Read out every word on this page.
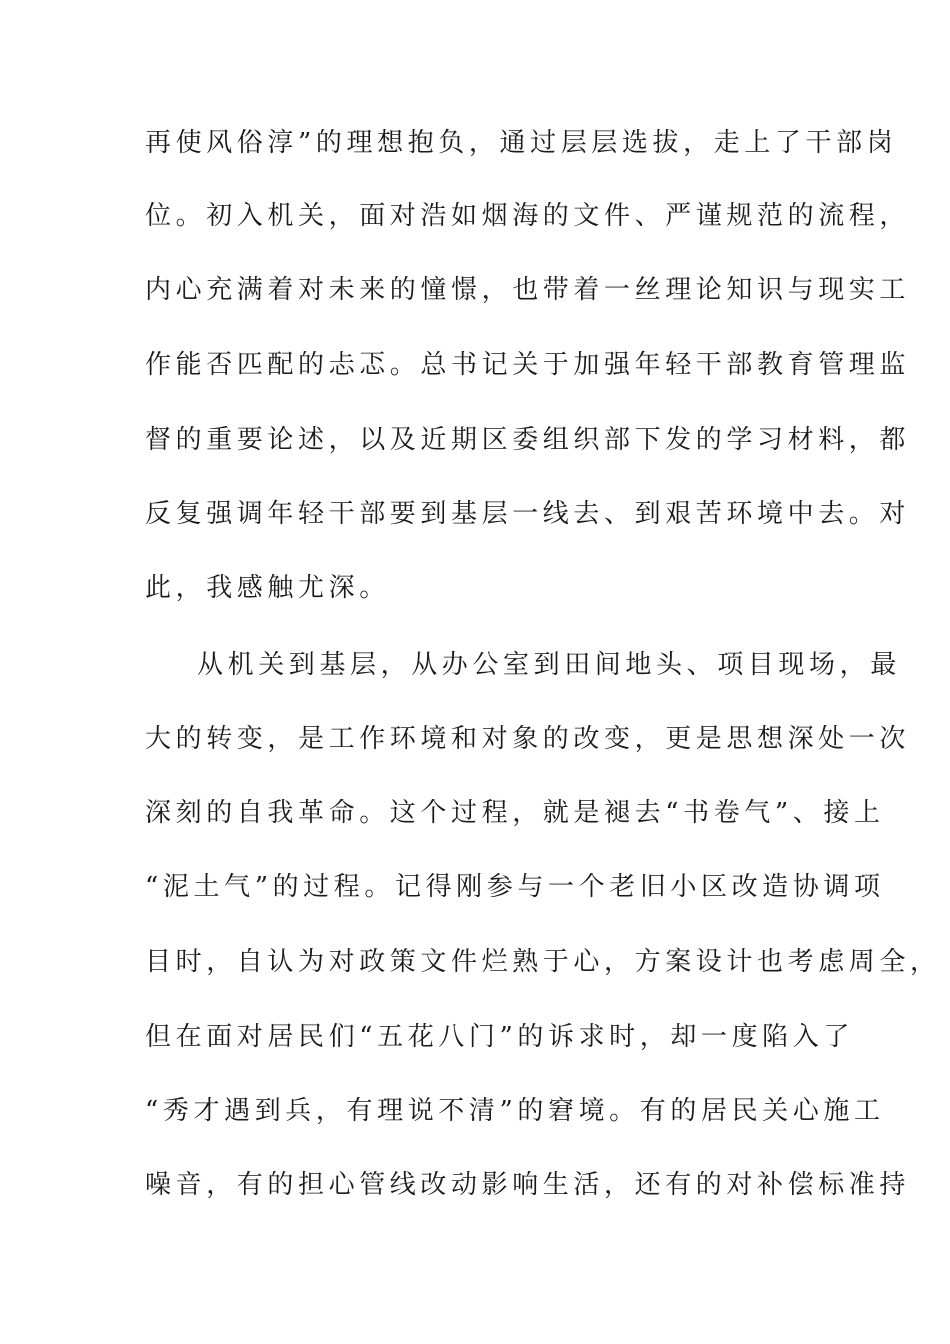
再使风俗淳”的理想抱负，通过层层选拔，走上了干部岗
位。初入机关，面对浩如烟海的文件、严谨规范的流程，
内心充满着对未来的憧憬，也带着一丝理论知识与现实工
作能否匹配的忐忑。总书记关于加强年轻干部教育管理监
督的重要论述，以及近期区委组织部下发的学习材料，都
反复强调年轻干部要到基层一线去、到艰苦环境中去。对
此，我感触尤深。
从机关到基层，从办公室到田间地头、项目现场，最
大的转变，是工作环境和对象的改变，更是思想深处一次
深刻的自我革命。这个过程，就是褪去“书卷气”、接上
“泥土气”的过程。记得刚参与一个老旧小区改造协调项
目时，自认为对政策文件烂熟于心，方案设计也考虑周全，
但在面对居民们“五花八门”的诉求时，却一度陷入了
“秀才遇到兵，有理说不清”的窘境。有的居民关心施工
噪音，有的担心管线改动影响生活，还有的对补偿标准持
